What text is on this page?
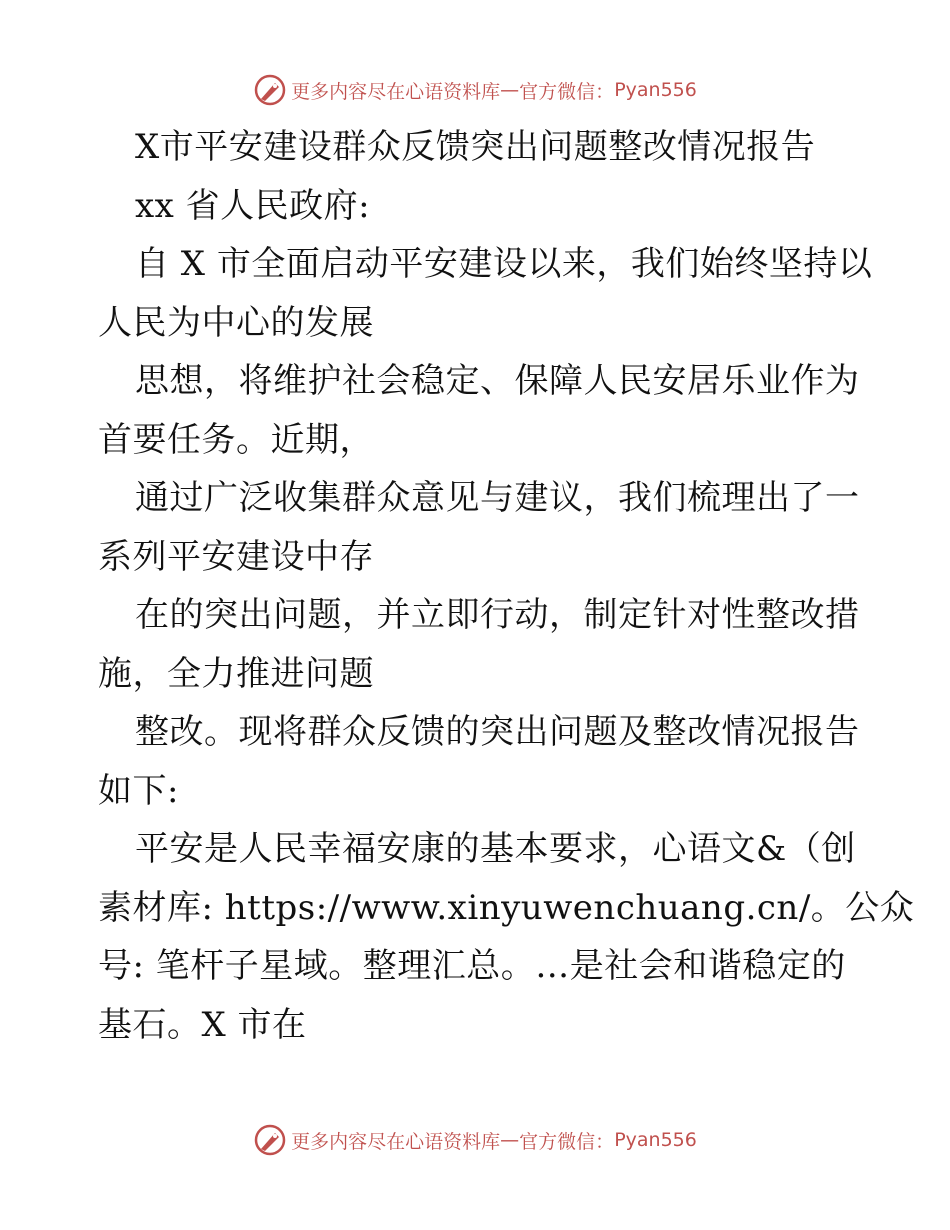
更多内容尽在心语资料库 — 官方微信： Pyan556
X市平安建设群众反馈突出问题整改情况报告
xx 省人民政府:
自 X 市全面启动平安建设以来，我们始终坚持以
人民为中心的发展
思想，将维护社会稳定、保障人民安居乐业作为
首要任务。近期，
通过广泛收集群众意见与建议，我们梳理出了一
系列平安建设中存
在的突出问题，并立即行动，制定针对性整改措
施，全力推进问题
整改。现将群众反馈的突出问题及整改情况报告
如下:
平安是人民幸福安康的基本要求，心语文&（创
素材库: https://www.xinyuwenchuang.cn/。公众
号: 笔杆子星域。整理汇总。…是社会和谐稳定的
基石。X 市在
更多内容尽在心语资料库 — 官方微信： Pyan556
